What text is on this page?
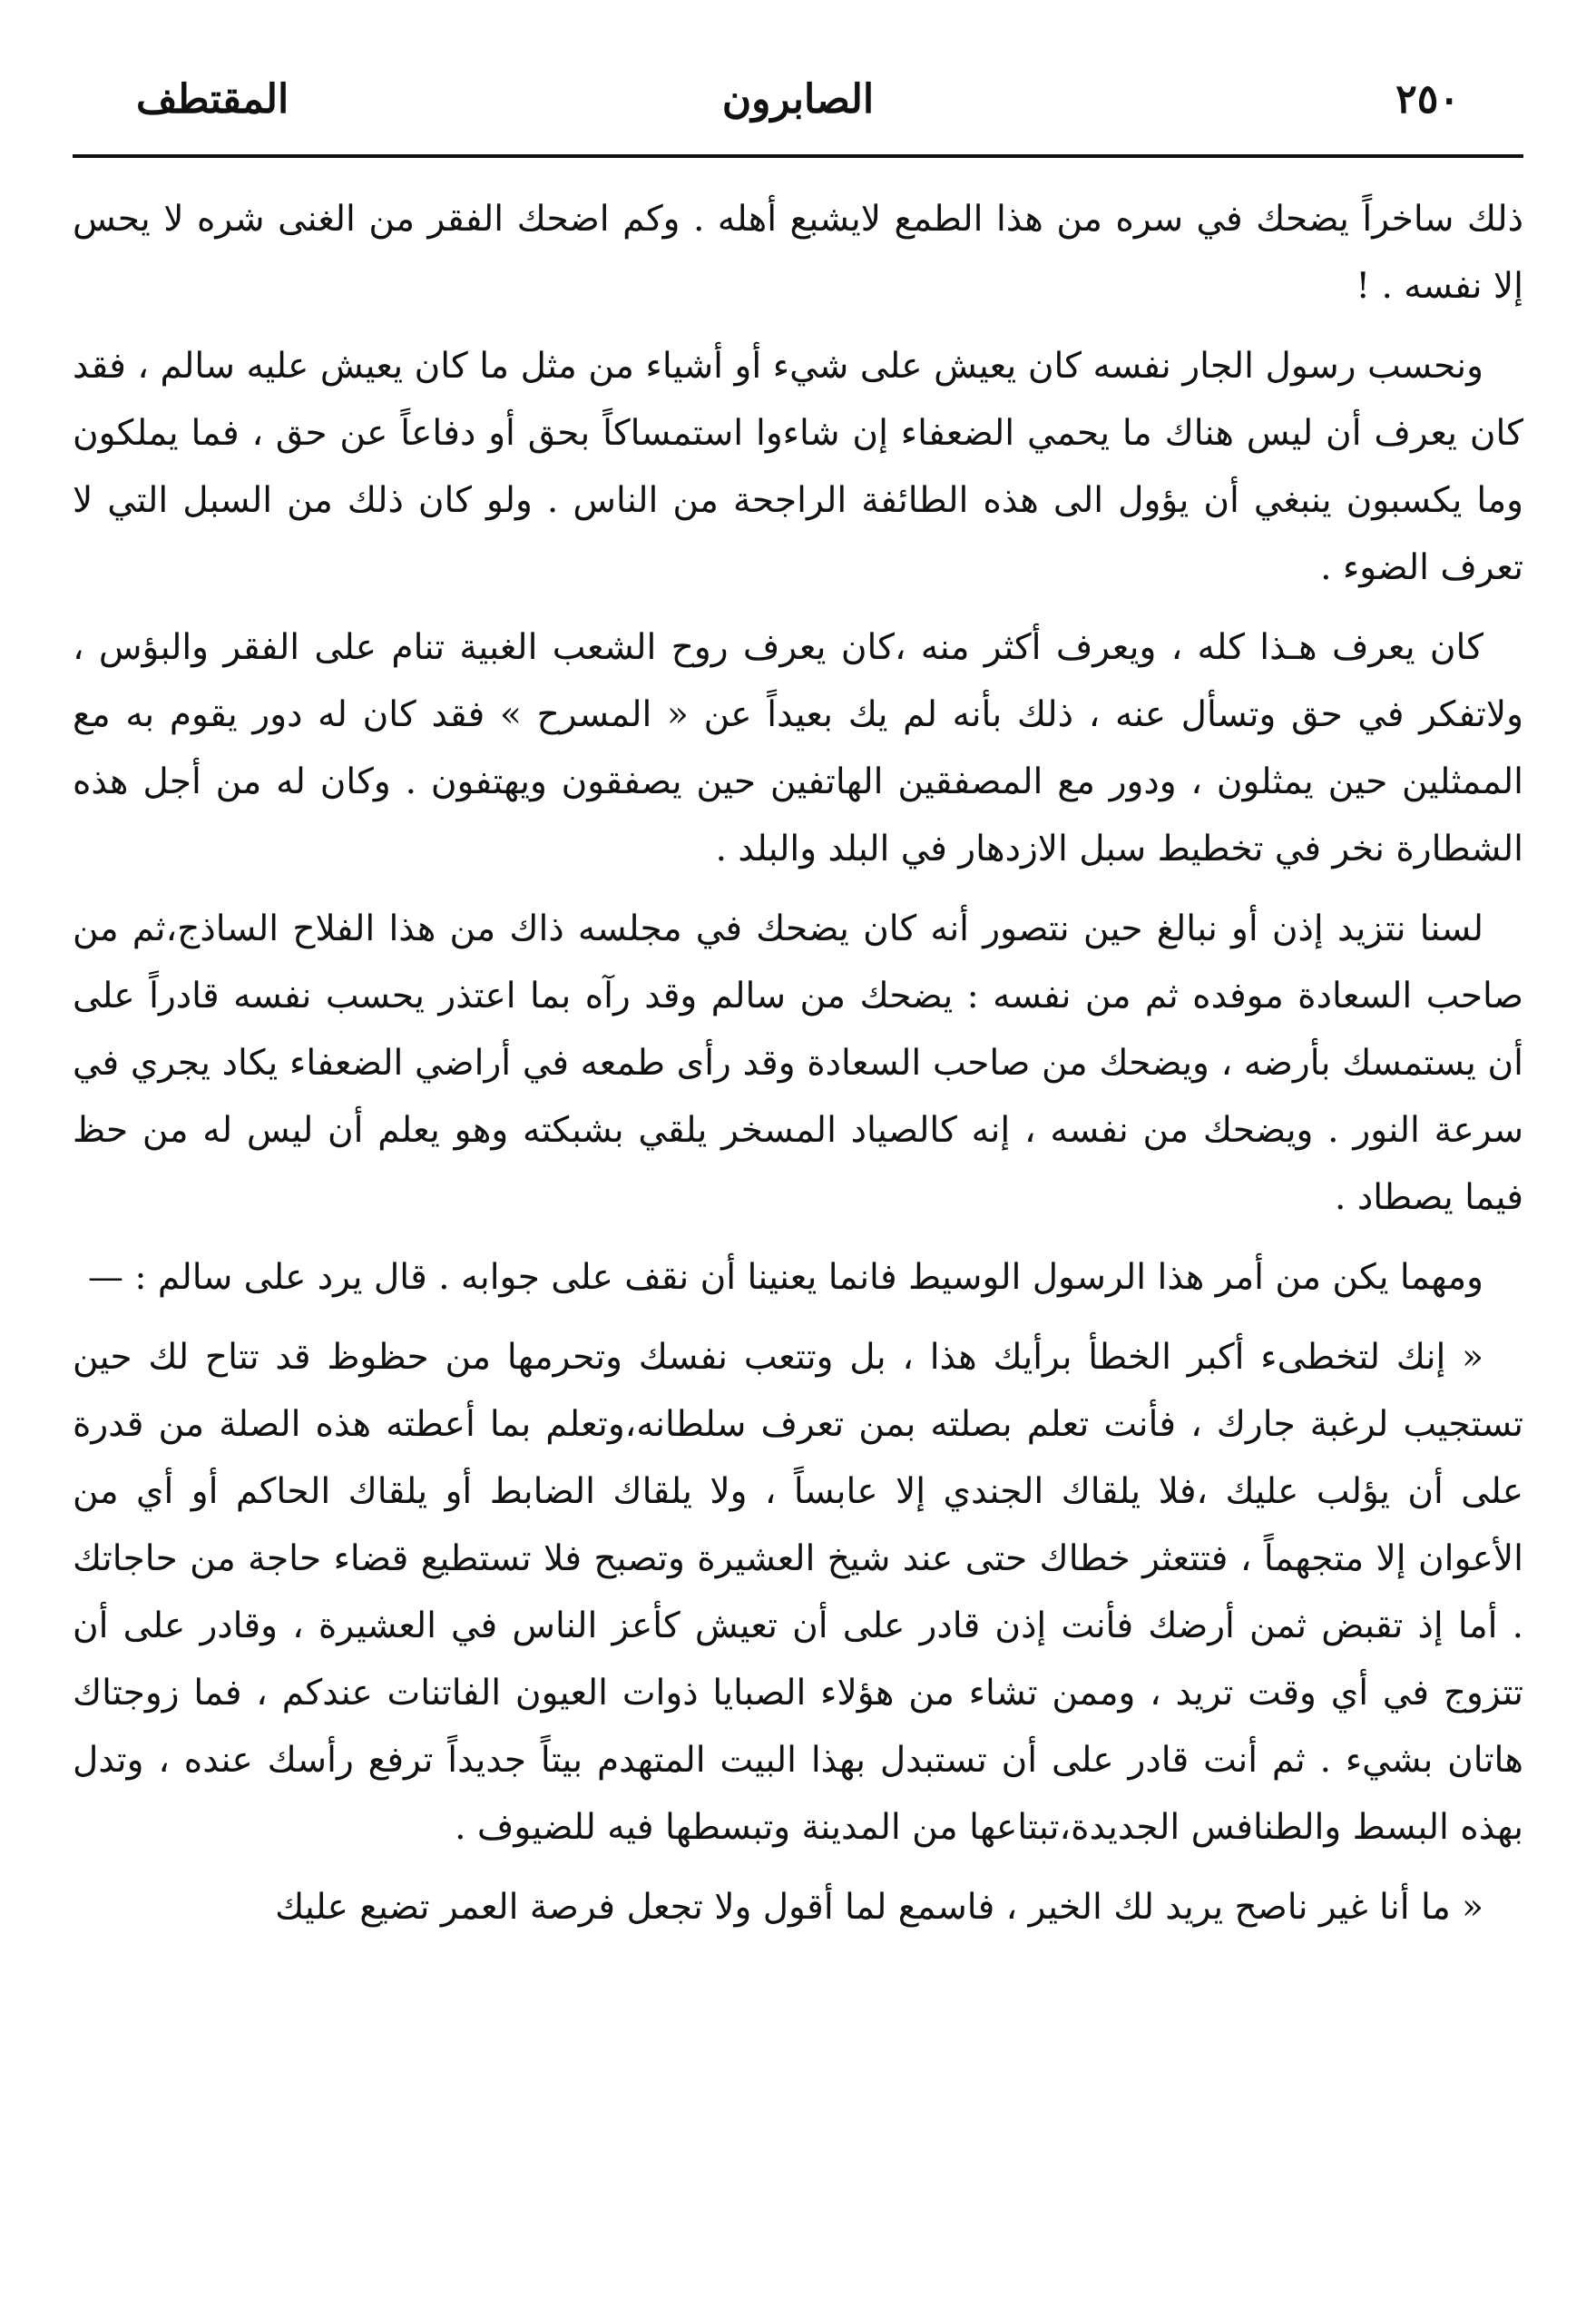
٢٥٠
الصابرون
المقتطف

ذلك ساخراً يضحك في سره من هذا الطمع لايشبع أهله . وكم اضحك الفقر من الغنى شره لا يحس إلا نفسه . !

ونحسب رسول الجار نفسه كان يعيش على شيء أو أشياء من مثل ما كان يعيش عليه سالم ، فقد كان يعرف أن ليس هناك ما يحمي الضعفاء إن شاءوا استمساكاً بحق أو دفاعاً عن حق ، فما يملكون وما يكسبون ينبغي أن يؤول الى هذه الطائفة الراجحة من الناس . ولو كان ذلك من السبل التي لا تعرف الضوء .

كان يعرف هـذا كله ، ويعرف أكثر منه ،كان يعرف روح الشعب الغبية تنام على الفقر والبؤس ، ولاتفكر في حق وتسأل عنه ، ذلك بأنه لم يك بعيداً عن « المسرح » فقد كان له دور يقوم به مع الممثلين حين يمثلون ، ودور مع المصفقين الهاتفين حين يصفقون ويهتفون . وكان له من أجل هذه الشطارة نخر في تخطيط سبل الازدهار في البلد والبلد .

لسنا نتزيد إذن أو نبالغ حين نتصور أنه كان يضحك في مجلسه ذاك من هذا الفلاح الساذج،ثم من صاحب السعادة موفده ثم من نفسه : يضحك من سالم وقد رآه بما اعتذر يحسب نفسه قادراً على أن يستمسك بأرضه ، ويضحك من صاحب السعادة وقد رأى طمعه في أراضي الضعفاء يكاد يجري في سرعة النور . ويضحك من نفسه ، إنه كالصياد المسخر يلقي بشبكته وهو يعلم أن ليس له من حظ فيما يصطاد .

ومهما يكن من أمر هذا الرسول الوسيط فانما يعنينا أن نقف على جوابه . قال يرد على سالم : —

« إنك لتخطىء أكبر الخطأ برأيك هذا ، بل وتتعب نفسك وتحرمها من حظوظ قد تتاح لك حين تستجيب لرغبة جارك ، فأنت تعلم بصلته بمن تعرف سلطانه،وتعلم بما أعطته هذه الصلة من قدرة على أن يؤلب عليك ،فلا يلقاك الجندي إلا عابساً ، ولا يلقاك الضابط أو يلقاك الحاكم أو أي من الأعوان إلا متجهماً ، فتتعثر خطاك حتى عند شيخ العشيرة وتصبح فلا تستطيع قضاء حاجة من حاجاتك . أما إذ تقبض ثمن أرضك فأنت إذن قادر على أن تعيش كأعز الناس في العشيرة ، وقادر على أن تتزوج في أي وقت تريد ، وممن تشاء من هؤلاء الصبايا ذوات العيون الفاتنات عندكم ، فما زوجتاك هاتان بشيء . ثم أنت قادر على أن تستبدل بهذا البيت المتهدم بيتاً جديداً ترفع رأسك عنده ، وتدل بهذه البسط والطنافس الجديدة،تبتاعها من المدينة وتبسطها فيه للضيوف .

« ما أنا غير ناصح يريد لك الخير ، فاسمع لما أقول ولا تجعل فرصة العمر تضيع عليك
